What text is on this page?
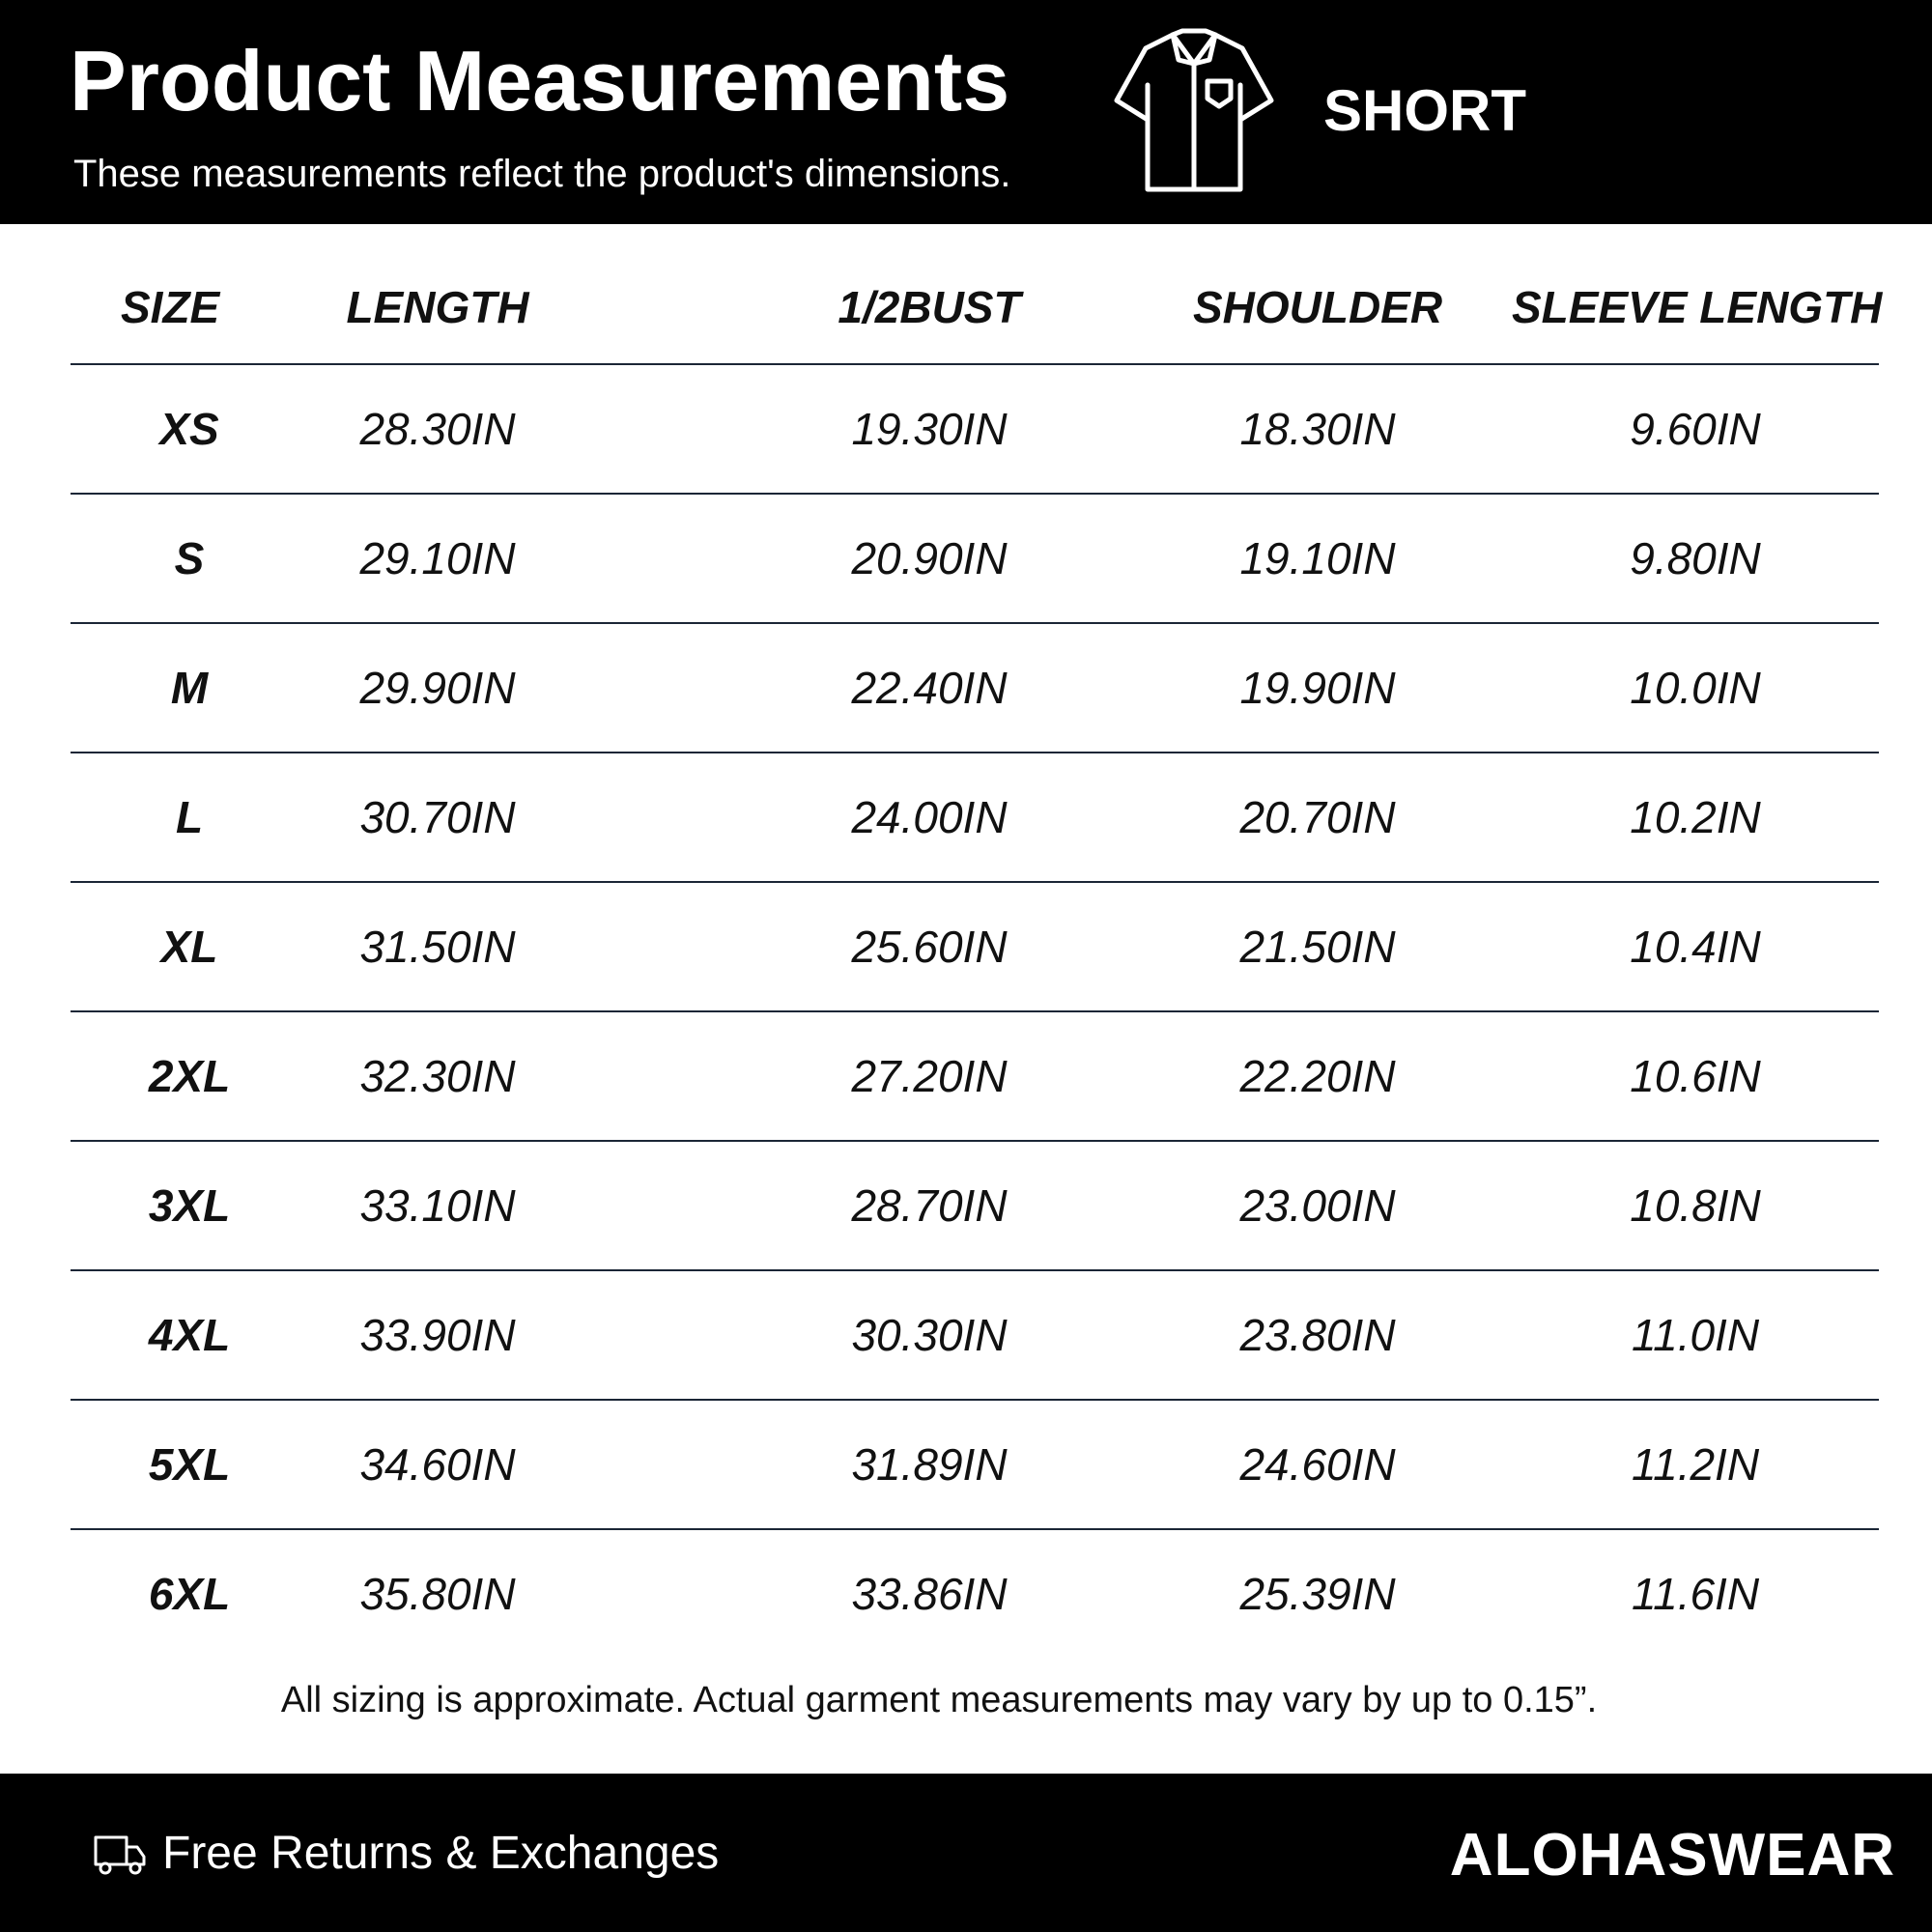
Product Measurements
These measurements reflect the product's dimensions.
SHORT
SIZE	LENGTH	1/2BUST	SHOULDER	SLEEVE LENGTH
XS	28.30IN	19.30IN	18.30IN	9.60IN
S	29.10IN	20.90IN	19.10IN	9.80IN
M	29.90IN	22.40IN	19.90IN	10.0IN
L	30.70IN	24.00IN	20.70IN	10.2IN
XL	31.50IN	25.60IN	21.50IN	10.4IN
2XL	32.30IN	27.20IN	22.20IN	10.6IN
3XL	33.10IN	28.70IN	23.00IN	10.8IN
4XL	33.90IN	30.30IN	23.80IN	11.0IN
5XL	34.60IN	31.89IN	24.60IN	11.2IN
6XL	35.80IN	33.86IN	25.39IN	11.6IN
All sizing is approximate. Actual garment measurements may vary by up to 0.15”.
Free Returns & Exchanges	ALOHASWEAR
